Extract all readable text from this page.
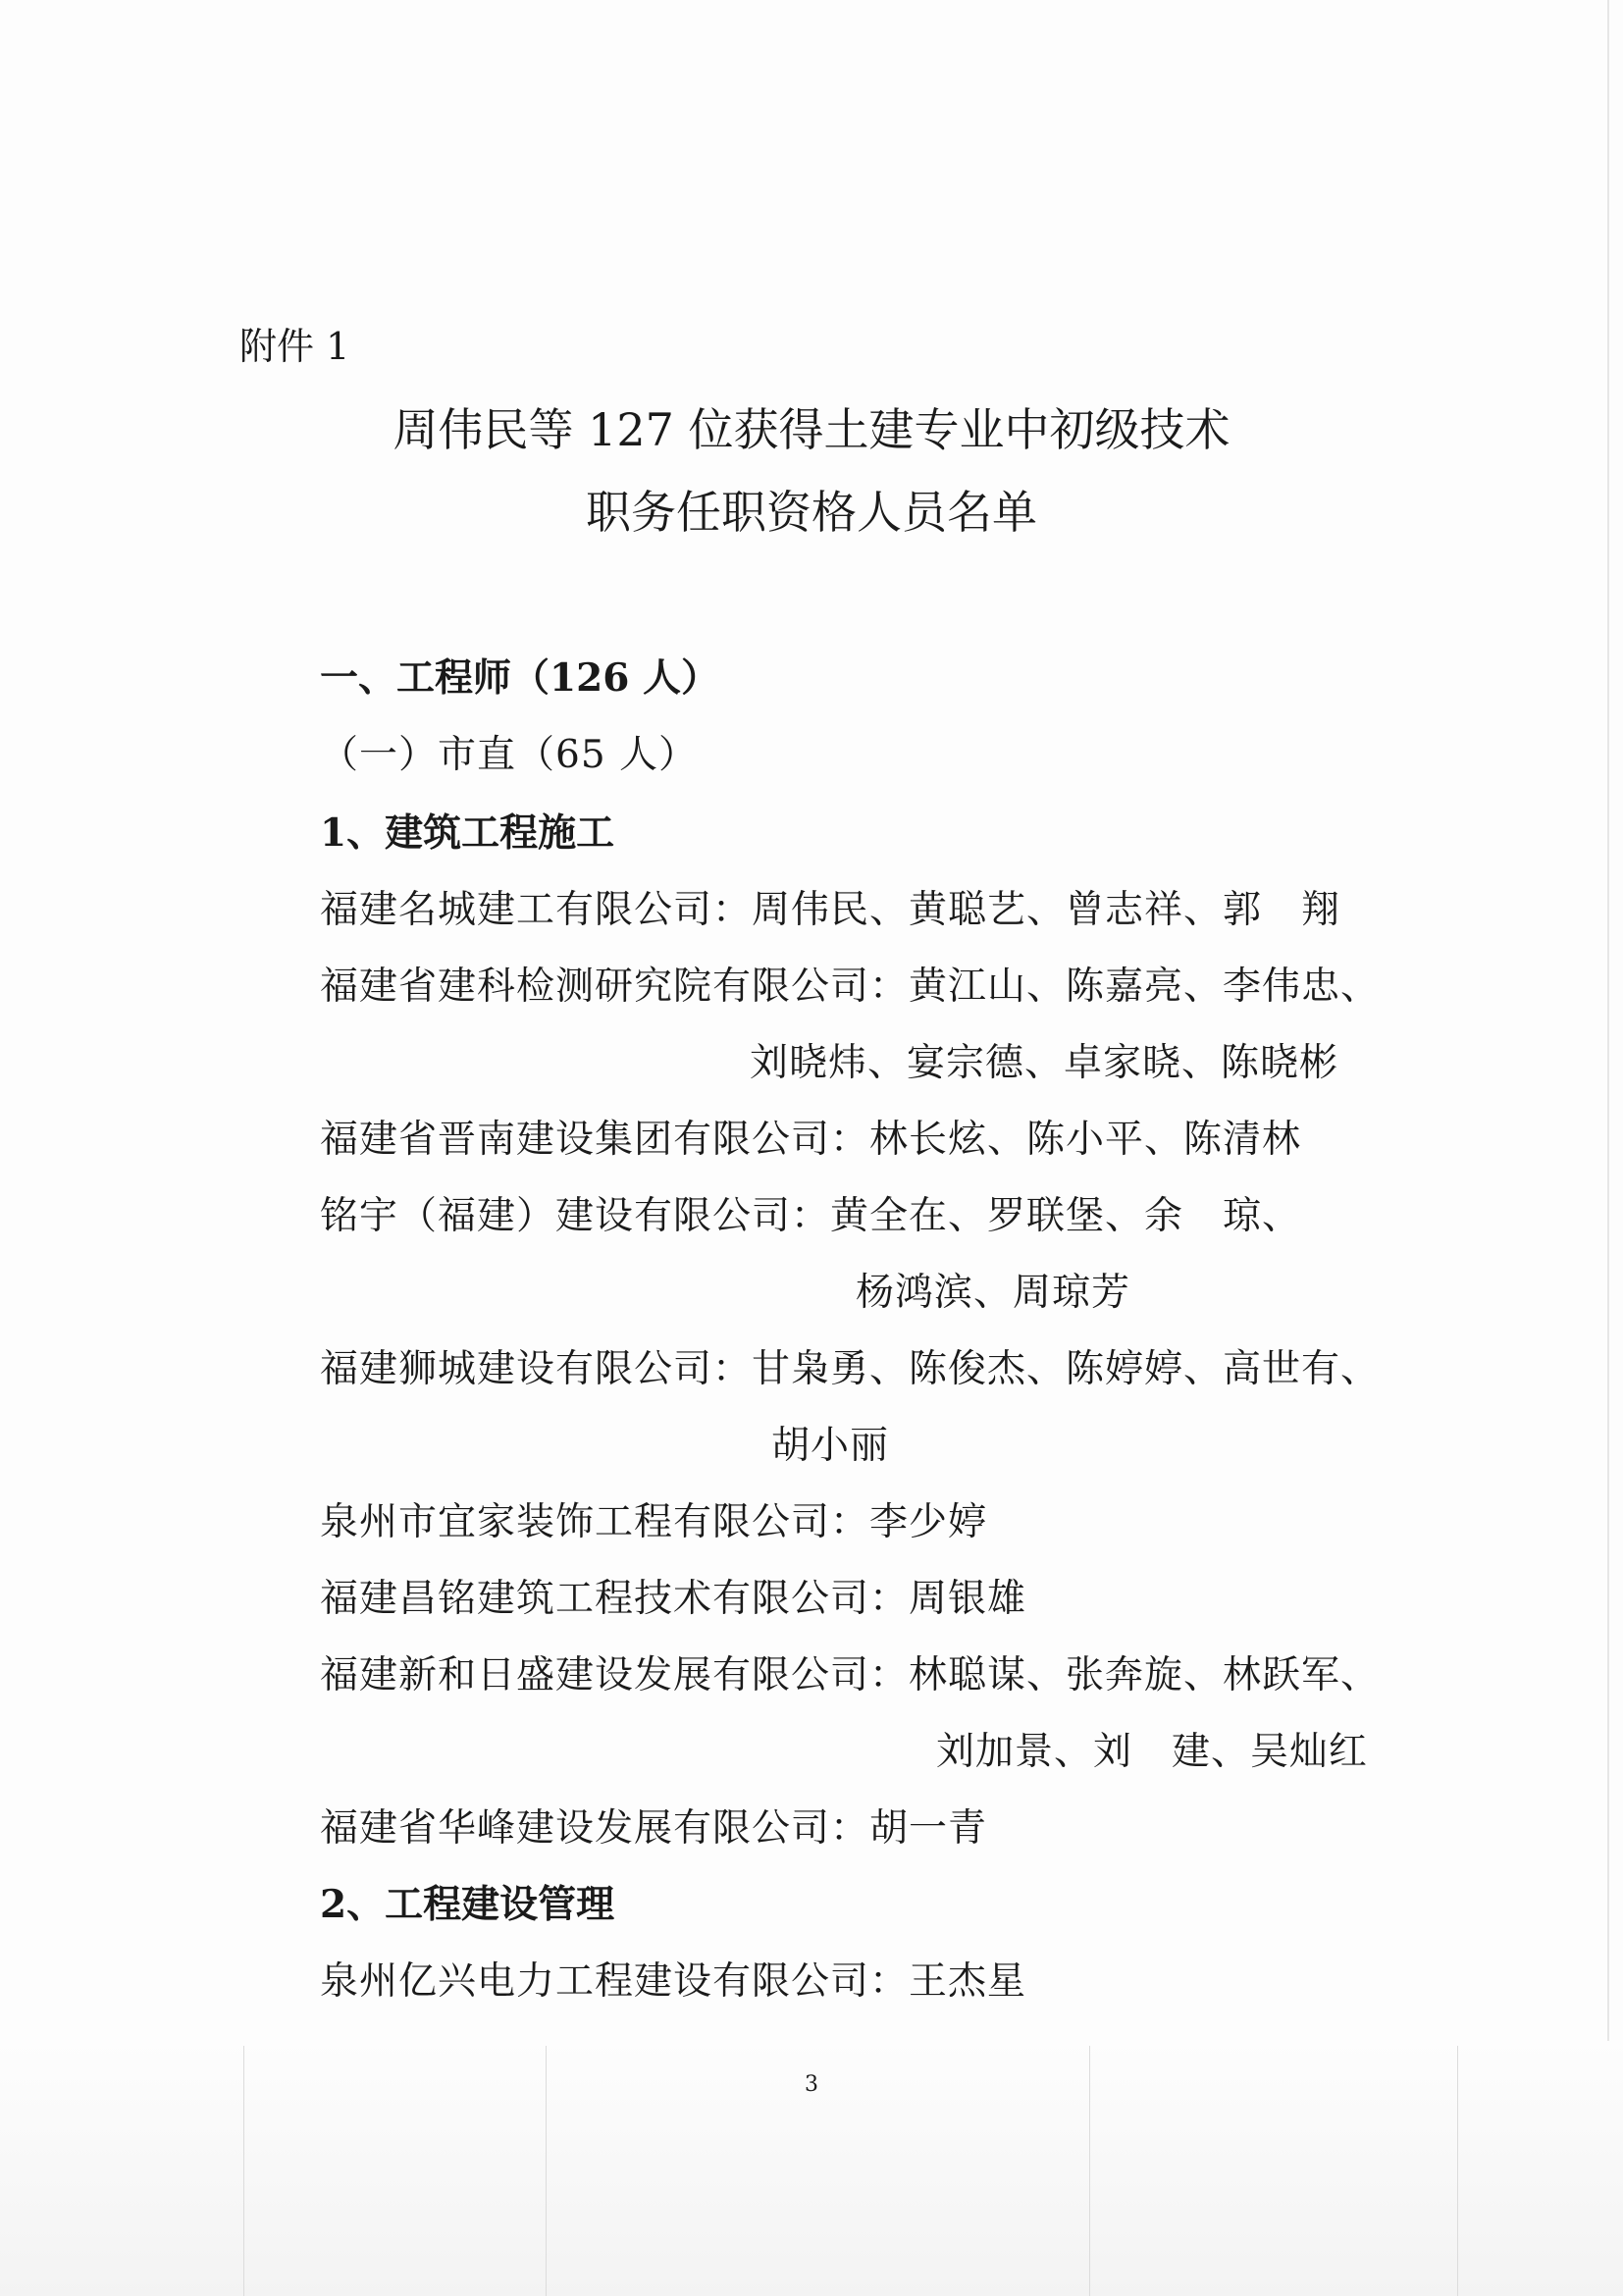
附件 1
周伟民等 127 位获得土建专业中初级技术
职务任职资格人员名单
一、工程师（126 人）
（一）市直（65 人）
1、建筑工程施工
福建名城建工有限公司：周伟民、黄聪艺、曾志祥、郭　翔
福建省建科检测研究院有限公司：黄江山、陈嘉亮、李伟忠、
刘晓炜、宴宗德、卓家晓、陈晓彬
福建省晋南建设集团有限公司：林长炫、陈小平、陈清林
铭宇（福建）建设有限公司：黄全在、罗联堡、余　琼、
杨鸿滨、周琼芳
福建狮城建设有限公司：甘枭勇、陈俊杰、陈婷婷、高世有、
胡小丽
泉州市宜家装饰工程有限公司：李少婷
福建昌铭建筑工程技术有限公司：周银雄
福建新和日盛建设发展有限公司：林聪谋、张奔旋、林跃军、
刘加景、刘　建、吴灿红
福建省华峰建设发展有限公司：胡一青
2、工程建设管理
泉州亿兴电力工程建设有限公司：王杰星
3
